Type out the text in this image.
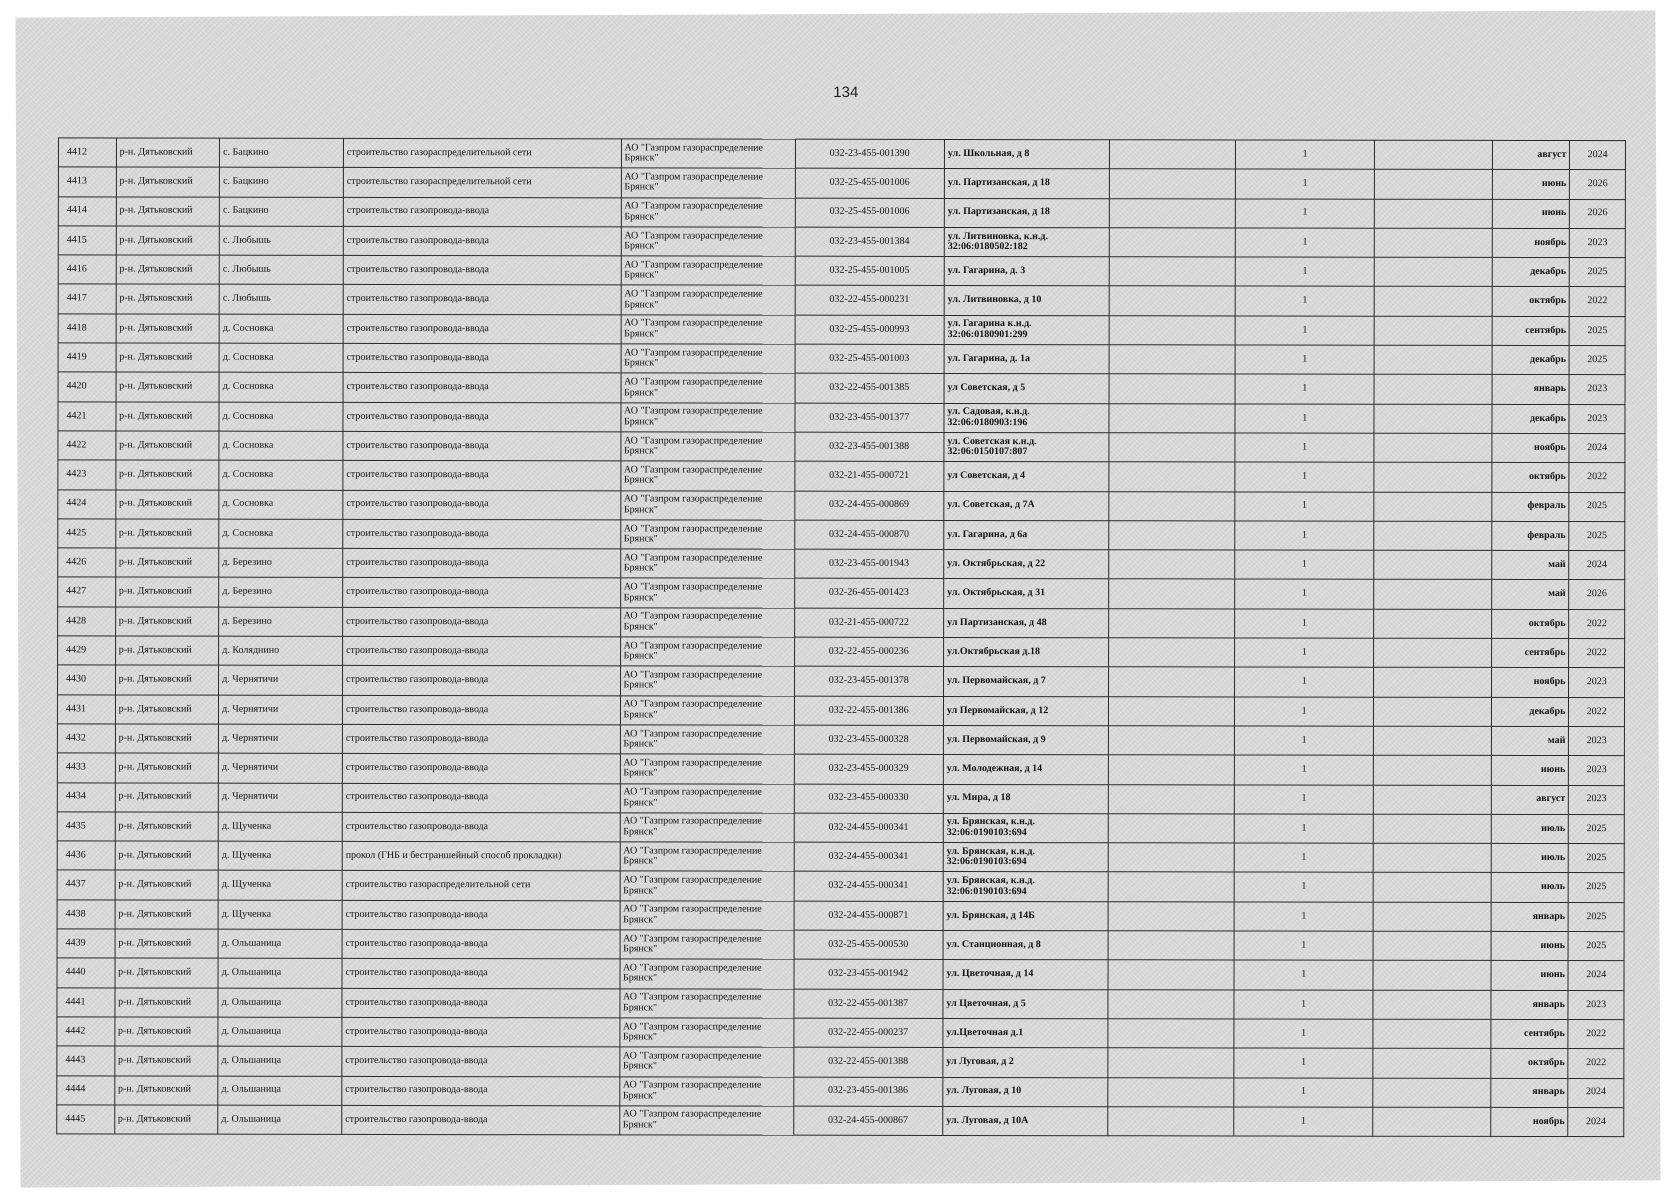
134
4412	р-н. Дятьковский	с. Бацкино	строительство газораспределительной сети	АО "Газпром газораспределение Брянск"	032-23-455-001390	ул. Школьная, д 8		1		август	2024
4413	р-н. Дятьковский	с. Бацкино	строительство газораспределительной сети	АО "Газпром газораспределение Брянск"	032-25-455-001006	ул. Партизанская, д 18		1		июнь	2026
4414	р-н. Дятьковский	с. Бацкино	строительство газопровода-ввода	АО "Газпром газораспределение Брянск"	032-25-455-001006	ул. Партизанская, д 18		1		июнь	2026
4415	р-н. Дятьковский	с. Любышь	строительство газопровода-ввода	АО "Газпром газораспределение Брянск"	032-23-455-001384	ул. Литвиновка, к.н.д. 32:06:0180502:182		1		ноябрь	2023
4416	р-н. Дятьковский	с. Любышь	строительство газопровода-ввода	АО "Газпром газораспределение Брянск"	032-25-455-001005	ул. Гагарина, д. 3		1		декабрь	2025
4417	р-н. Дятьковский	с. Любышь	строительство газопровода-ввода	АО "Газпром газораспределение Брянск"	032-22-455-000231	ул. Литвиновка, д 10		1		октябрь	2022
4418	р-н. Дятьковский	д. Сосновка	строительство газопровода-ввода	АО "Газпром газораспределение Брянск"	032-25-455-000993	ул. Гагарина к.н.д. 32:06:0180901:299		1		сентябрь	2025
4419	р-н. Дятьковский	д. Сосновка	строительство газопровода-ввода	АО "Газпром газораспределение Брянск"	032-25-455-001003	ул. Гагарина, д. 1а		1		декабрь	2025
4420	р-н. Дятьковский	д. Сосновка	строительство газопровода-ввода	АО "Газпром газораспределение Брянск"	032-22-455-001385	ул Советская, д 5		1		январь	2023
4421	р-н. Дятьковский	д. Сосновка	строительство газопровода-ввода	АО "Газпром газораспределение Брянск"	032-23-455-001377	ул. Садовая, к.н.д. 32:06:0180903:196		1		декабрь	2023
4422	р-н. Дятьковский	д. Сосновка	строительство газопровода-ввода	АО "Газпром газораспределение Брянск"	032-23-455-001388	ул. Советская к.н.д. 32:06:0150107:807		1		ноябрь	2024
4423	р-н. Дятьковский	д. Сосновка	строительство газопровода-ввода	АО "Газпром газораспределение Брянск"	032-21-455-000721	ул Советская, д 4		1		октябрь	2022
4424	р-н. Дятьковский	д. Сосновка	строительство газопровода-ввода	АО "Газпром газораспределение Брянск"	032-24-455-000869	ул. Советская, д 7А		1		февраль	2025
4425	р-н. Дятьковский	д. Сосновка	строительство газопровода-ввода	АО "Газпром газораспределение Брянск"	032-24-455-000870	ул. Гагарина, д 6а		1		февраль	2025
4426	р-н. Дятьковский	д. Березино	строительство газопровода-ввода	АО "Газпром газораспределение Брянск"	032-23-455-001943	ул. Октябрьская, д 22		1		май	2024
4427	р-н. Дятьковский	д. Березино	строительство газопровода-ввода	АО "Газпром газораспределение Брянск"	032-26-455-001423	ул. Октябрьская, д 31		1		май	2026
4428	р-н. Дятьковский	д. Березино	строительство газопровода-ввода	АО "Газпром газораспределение Брянск"	032-21-455-000722	ул Партизанская, д 48		1		октябрь	2022
4429	р-н. Дятьковский	д. Коляднино	строительство газопровода-ввода	АО "Газпром газораспределение Брянск"	032-22-455-000236	ул.Октябрьская д.18		1		сентябрь	2022
4430	р-н. Дятьковский	д. Чернятичи	строительство газопровода-ввода	АО "Газпром газораспределение Брянск"	032-23-455-001378	ул. Первомайская, д 7		1		ноябрь	2023
4431	р-н. Дятьковский	д. Чернятичи	строительство газопровода-ввода	АО "Газпром газораспределение Брянск"	032-22-455-001386	ул Первомайская, д 12		1		декабрь	2022
4432	р-н. Дятьковский	д. Чернятичи	строительство газопровода-ввода	АО "Газпром газораспределение Брянск"	032-23-455-000328	ул. Первомайская, д 9		1		май	2023
4433	р-н. Дятьковский	д. Чернятичи	строительство газопровода-ввода	АО "Газпром газораспределение Брянск"	032-23-455-000329	ул. Молодежная, д 14		1		июнь	2023
4434	р-н. Дятьковский	д. Чернятичи	строительство газопровода-ввода	АО "Газпром газораспределение Брянск"	032-23-455-000330	ул. Мира, д 18		1		август	2023
4435	р-н. Дятьковский	д. Щученка	строительство газопровода-ввода	АО "Газпром газораспределение Брянск"	032-24-455-000341	ул. Брянская, к.н.д. 32:06:0190103:694		1		июль	2025
4436	р-н. Дятьковский	д. Щученка	прокол (ГНБ и бестраншейный способ прокладки)	АО "Газпром газораспределение Брянск"	032-24-455-000341	ул. Брянская, к.н.д. 32:06:0190103:694		1		июль	2025
4437	р-н. Дятьковский	д. Щученка	строительство газораспределительной сети	АО "Газпром газораспределение Брянск"	032-24-455-000341	ул. Брянская, к.н.д. 32:06:0190103:694		1		июль	2025
4438	р-н. Дятьковский	д. Щученка	строительство газопровода-ввода	АО "Газпром газораспределение Брянск"	032-24-455-000871	ул. Брянская, д 14Б		1		январь	2025
4439	р-н. Дятьковский	д. Ольшаница	строительство газопровода-ввода	АО "Газпром газораспределение Брянск"	032-25-455-000530	ул. Станционная, д 8		1		июнь	2025
4440	р-н. Дятьковский	д. Ольшаница	строительство газопровода-ввода	АО "Газпром газораспределение Брянск"	032-23-455-001942	ул. Цветочная, д 14		1		июнь	2024
4441	р-н. Дятьковский	д. Ольшаница	строительство газопровода-ввода	АО "Газпром газораспределение Брянск"	032-22-455-001387	ул Цветочная, д 5		1		январь	2023
4442	р-н. Дятьковский	д. Ольшаница	строительство газопровода-ввода	АО "Газпром газораспределение Брянск"	032-22-455-000237	ул.Цветочная д.1		1		сентябрь	2022
4443	р-н. Дятьковский	д. Ольшаница	строительство газопровода-ввода	АО "Газпром газораспределение Брянск"	032-22-455-001388	ул Луговая, д 2		1		октябрь	2022
4444	р-н. Дятьковский	д. Ольшаница	строительство газопровода-ввода	АО "Газпром газораспределение Брянск"	032-23-455-001386	ул. Луговая, д 10		1		январь	2024
4445	р-н. Дятьковский	д. Ольшаница	строительство газопровода-ввода	АО "Газпром газораспределение Брянск"	032-24-455-000867	ул. Луговая, д 10А		1		ноябрь	2024
